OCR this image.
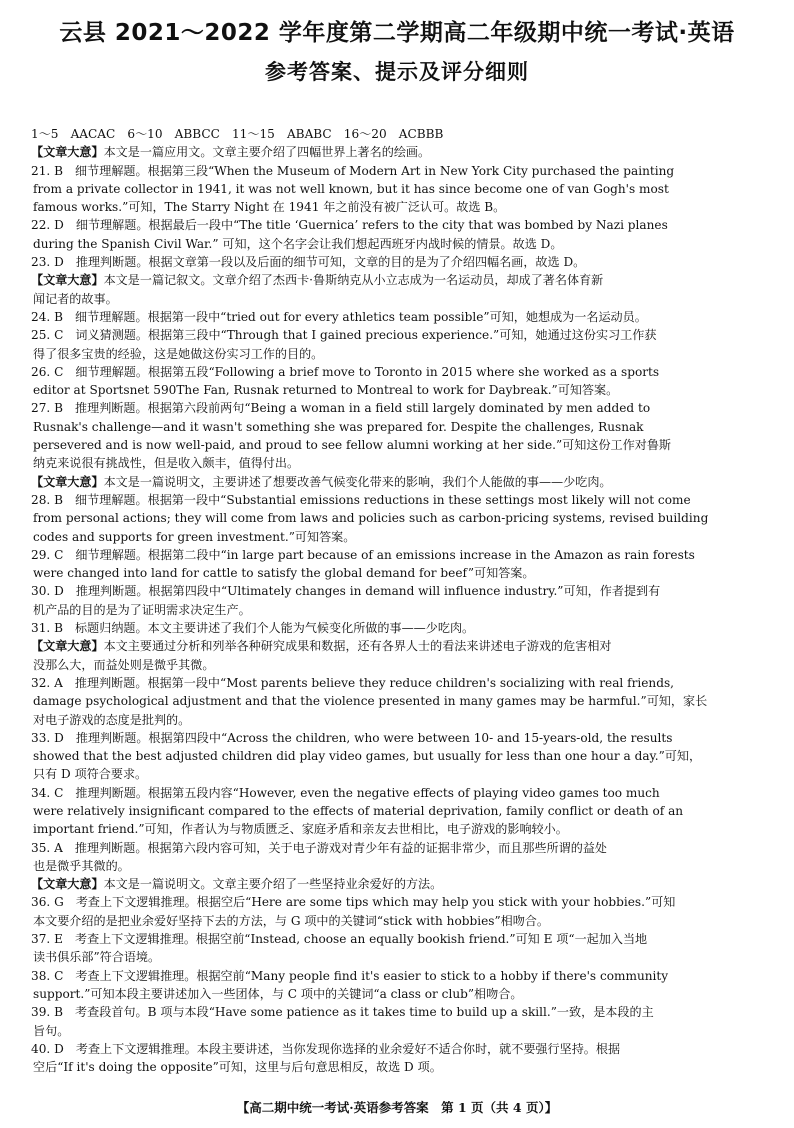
云县 2021～2022 学年度第二学期高二年级期中统一考试·英语
参考答案、提示及评分细则
1～5　AACAC　6～10　ABBCC　11～15　ABABC　16～20　ACBBB
【文章大意】本文是一篇应用文。文章主要介绍了四幅世界上著名的绘画。
21. B　细节理解题。根据第三段“When the Museum of Modern Art in New York City purchased the painting
from a private collector in 1941, it was not well known, but it has since become one of van Gogh's most
famous works.”可知，The Starry Night 在 1941 年之前没有被广泛认可。故选 B。
22. D　细节理解题。根据最后一段中“The title ‘Guernica’ refers to the city that was bombed by Nazi planes
during the Spanish Civil War.” 可知，这个名字会让我们想起西班牙内战时候的情景。故选 D。
23. D　推理判断题。根据文章第一段以及后面的细节可知，文章的目的是为了介绍四幅名画，故选 D。
【文章大意】本文是一篇记叙文。文章介绍了杰西卡·鲁斯纳克从小立志成为一名运动员，却成了著名体育新
闻记者的故事。
24. B　细节理解题。根据第一段中“tried out for every athletics team possible”可知，她想成为一名运动员。
25. C　词义猜测题。根据第三段中“Through that I gained precious experience.”可知，她通过这份实习工作获
得了很多宝贵的经验，这是她做这份实习工作的目的。
26. C　细节理解题。根据第五段“Following a brief move to Toronto in 2015 where she worked as a sports
editor at Sportsnet 590The Fan, Rusnak returned to Montreal to work for Daybreak.”可知答案。
27. B　推理判断题。根据第六段前两句“Being a woman in a field still largely dominated by men added to
Rusnak's challenge—and it wasn't something she was prepared for. Despite the challenges, Rusnak
persevered and is now well-paid, and proud to see fellow alumni working at her side.”可知这份工作对鲁斯
纳克来说很有挑战性，但是收入颇丰，值得付出。
【文章大意】本文是一篇说明文，主要讲述了想要改善气候变化带来的影响，我们个人能做的事——少吃肉。
28. B　细节理解题。根据第一段中“Substantial emissions reductions in these settings most likely will not come
from personal actions; they will come from laws and policies such as carbon-pricing systems, revised building
codes and supports for green investment.”可知答案。
29. C　细节理解题。根据第二段中“in large part because of an emissions increase in the Amazon as rain forests
were changed into land for cattle to satisfy the global demand for beef”可知答案。
30. D　推理判断题。根据第四段中“Ultimately changes in demand will influence industry.”可知，作者提到有
机产品的目的是为了证明需求决定生产。
31. B　标题归纳题。本文主要讲述了我们个人能为气候变化所做的事——少吃肉。
【文章大意】本文主要通过分析和列举各种研究成果和数据，还有各界人士的看法来讲述电子游戏的危害相对
没那么大，而益处则是微乎其微。
32. A　推理判断题。根据第一段中“Most parents believe they reduce children's socializing with real friends,
damage psychological adjustment and that the violence presented in many games may be harmful.”可知，家长
对电子游戏的态度是批判的。
33. D　推理判断题。根据第四段中“Across the children, who were between 10- and 15-years-old, the results
showed that the best adjusted children did play video games, but usually for less than one hour a day.”可知，
只有 D 项符合要求。
34. C　推理判断题。根据第五段内容“However, even the negative effects of playing video games too much
were relatively insignificant compared to the effects of material deprivation, family conflict or death of an
important friend.”可知，作者认为与物质匮乏、家庭矛盾和亲友去世相比，电子游戏的影响较小。
35. A　推理判断题。根据第六段内容可知，关于电子游戏对青少年有益的证据非常少，而且那些所谓的益处
也是微乎其微的。
【文章大意】本文是一篇说明文。文章主要介绍了一些坚持业余爱好的方法。
36. G　考查上下文逻辑推理。根据空后“Here are some tips which may help you stick with your hobbies.”可知
本文要介绍的是把业余爱好坚持下去的方法，与 G 项中的关键词“stick with hobbies”相吻合。
37. E　考查上下文逻辑推理。根据空前“Instead, choose an equally bookish friend.”可知 E 项“一起加入当地
读书俱乐部”符合语境。
38. C　考查上下文逻辑推理。根据空前“Many people find it's easier to stick to a hobby if there's community
support.”可知本段主要讲述加入一些团体，与 C 项中的关键词“a class or club”相吻合。
39. B　考查段首句。B 项与本段“Have some patience as it takes time to build up a skill.”一致，是本段的主
旨句。
40. D　考查上下文逻辑推理。本段主要讲述，当你发现你选择的业余爱好不适合你时，就不要强行坚持。根据
空后“If it's doing the opposite”可知，这里与后句意思相反，故选 D 项。
【高二期中统一考试·英语参考答案　第 1 页（共 4 页）】
